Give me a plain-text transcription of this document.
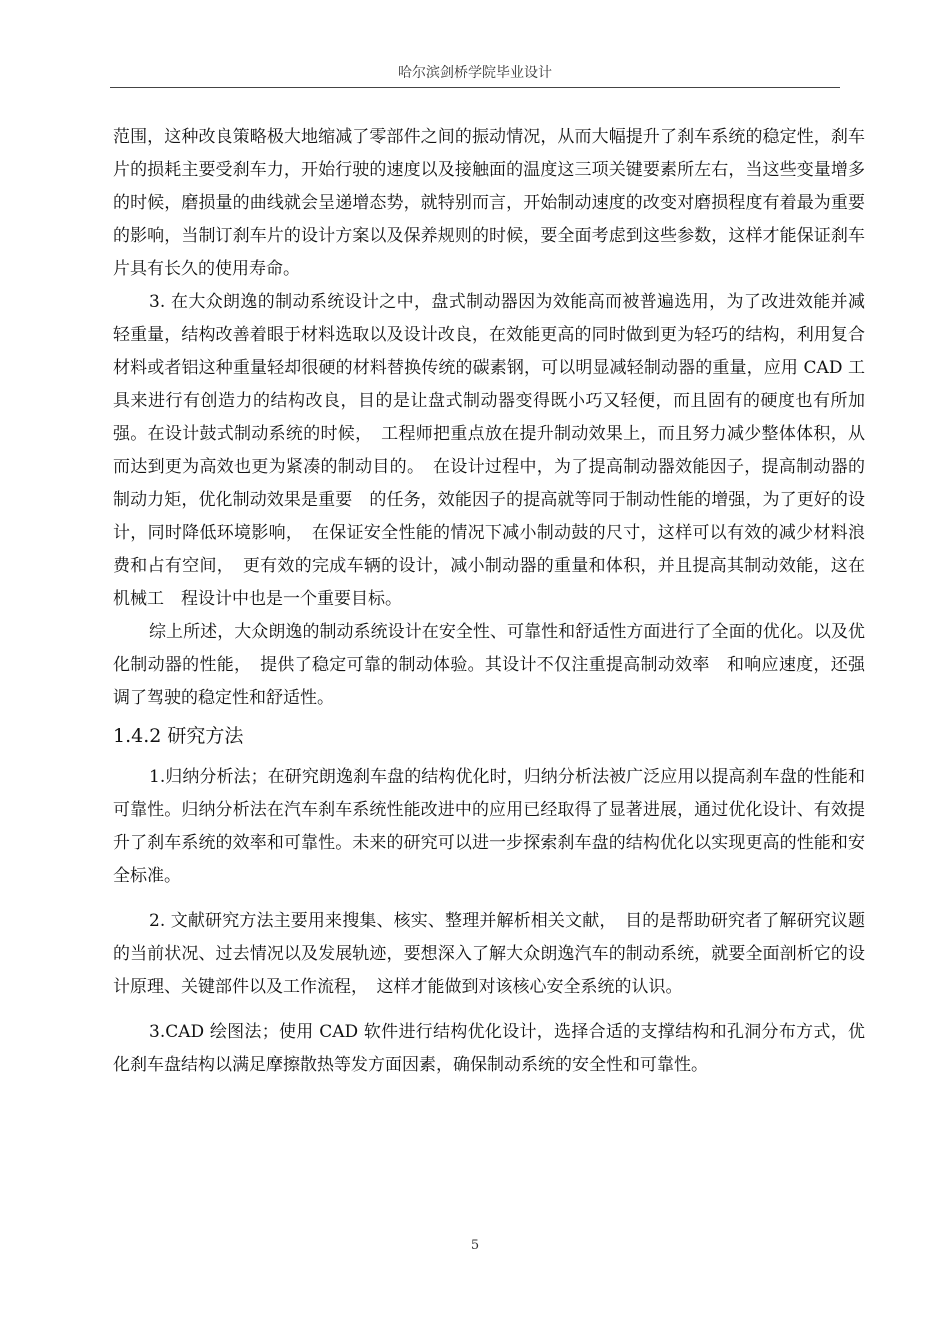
哈尔滨剑桥学院毕业设计

范围，这种改良策略极大地缩减了零部件之间的振动情况，从而大幅提升了刹车系统的稳定性，刹车片的损耗主要受刹车力，开始行驶的速度以及接触面的温度这三项关键要素所左右，当这些变量增多的时候，磨损量的曲线就会呈递增态势，就特别而言，开始制动速度的改变对磨损程度有着最为重要的影响，当制订刹车片的设计方案以及保养规则的时候，要全面考虑到这些参数，这样才能保证刹车片具有长久的使用寿命。

3. 在大众朗逸的制动系统设计之中，盘式制动器因为效能高而被普遍选用，为了改进效能并减轻重量，结构改善着眼于材料选取以及设计改良，在效能更高的同时做到更为轻巧的结构，利用复合材料或者铝这种重量轻却很硬的材料替换传统的碳素钢，可以明显减轻制动器的重量，应用 CAD 工具来进行有创造力的结构改良，目的是让盘式制动器变得既小巧又轻便，而且固有的硬度也有所加强。在设计鼓式制动系统的时候，　工程师把重点放在提升制动效果上，而且努力减少整体体积，从而达到更为高效也更为紧凑的制动目的。　在设计过程中，为了提高制动器效能因子，提高制动器的制动力矩，优化制动效果是重要　的任务，效能因子的提高就等同于制动性能的增强，为了更好的设计，同时降低环境影响，　在保证安全性能的情况下减小制动鼓的尺寸，这样可以有效的减少材料浪费和占有空间，　更有效的完成车辆的设计，减小制动器的重量和体积，并且提高其制动效能，这在机械工　程设计中也是一个重要目标。

综上所述，大众朗逸的制动系统设计在安全性、可靠性和舒适性方面进行了全面的优化。以及优化制动器的性能，　提供了稳定可靠的制动体验。其设计不仅注重提高制动效率　和响应速度，还强调了驾驶的稳定性和舒适性。

1.4.2 研究方法

1.归纳分析法；在研究朗逸刹车盘的结构优化时，归纳分析法被广泛应用以提高刹车盘的性能和可靠性。归纳分析法在汽车刹车系统性能改进中的应用已经取得了显著进展，通过优化设计、有效提升了刹车系统的效率和可靠性。未来的研究可以进一步探索刹车盘的结构优化以实现更高的性能和安全标准。

2. 文献研究方法主要用来搜集、核实、整理并解析相关文献，　目的是帮助研究者了解研究议题的当前状况、过去情况以及发展轨迹，要想深入了解大众朗逸汽车的制动系统，就要全面剖析它的设计原理、关键部件以及工作流程，　这样才能做到对该核心安全系统的认识。

3.CAD 绘图法；使用 CAD 软件进行结构优化设计，选择合适的支撑结构和孔洞分布方式，优化刹车盘结构以满足摩擦散热等发方面因素，确保制动系统的安全性和可靠性。

5
